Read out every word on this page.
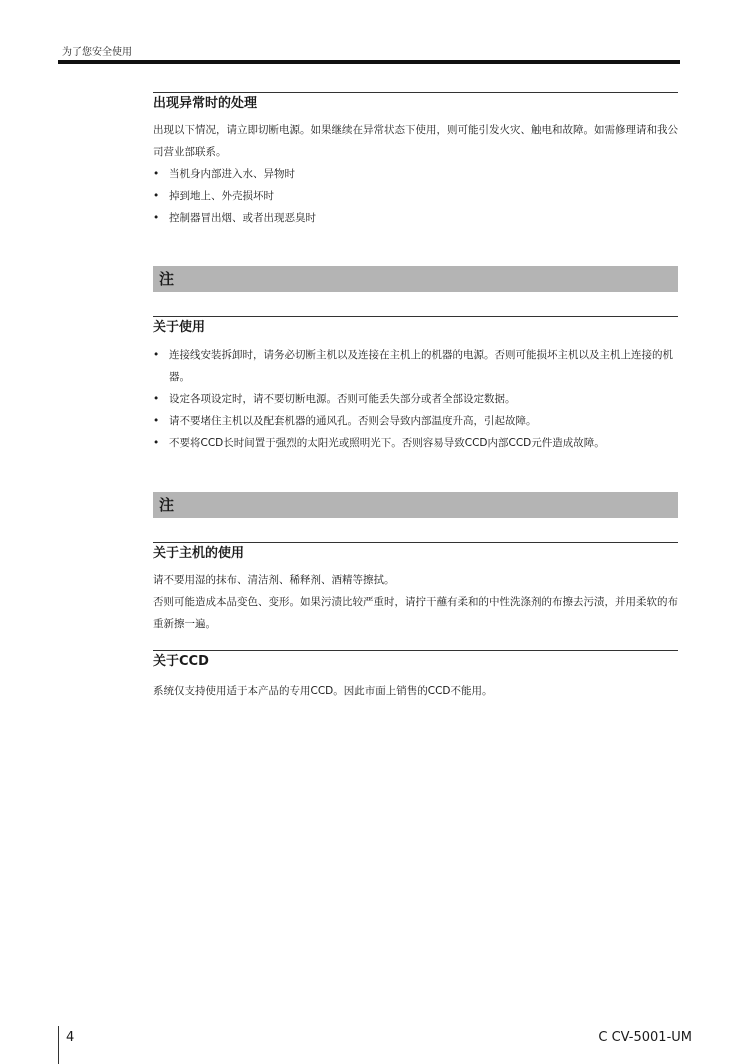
为了您安全使用
出现异常时的处理

出现以下情况，请立即切断电源。如果继续在异常状态下使用，则可能引发火灾、触电和故障。如需修理请和我公司营业部联系。

• 当机身内部进入水、异物时
• 掉到地上、外壳损坏时
• 控制器冒出烟、或者出现恶臭时
注
关于使用
• 连接线安装拆卸时，请务必切断主机以及连接在主机上的机器的电源。否则可能损坏主机以及主机上连接的机器。
• 设定各项设定时，请不要切断电源。否则可能丢失部分或者全部设定数据。
• 请不要堵住主机以及配套机器的通风孔。否则会导致内部温度升高，引起故障。
• 不要将CCD长时间置于强烈的太阳光或照明光下。否则容易导致CCD内部CCD元件造成故障。
注
关于主机的使用

请不要用湿的抹布、清洁剂、稀释剂、酒精等擦拭。

否则可能造成本品变色、变形。如果污渍比较严重时，请拧干蘸有柔和的中性洗涤剂的布擦去污渍，并用柔软的布重新擦一遍。

关于CCD

系统仅支持使用适于本产品的专用CCD。因此市面上销售的CCD不能用。

4	C CV-5001-UM
